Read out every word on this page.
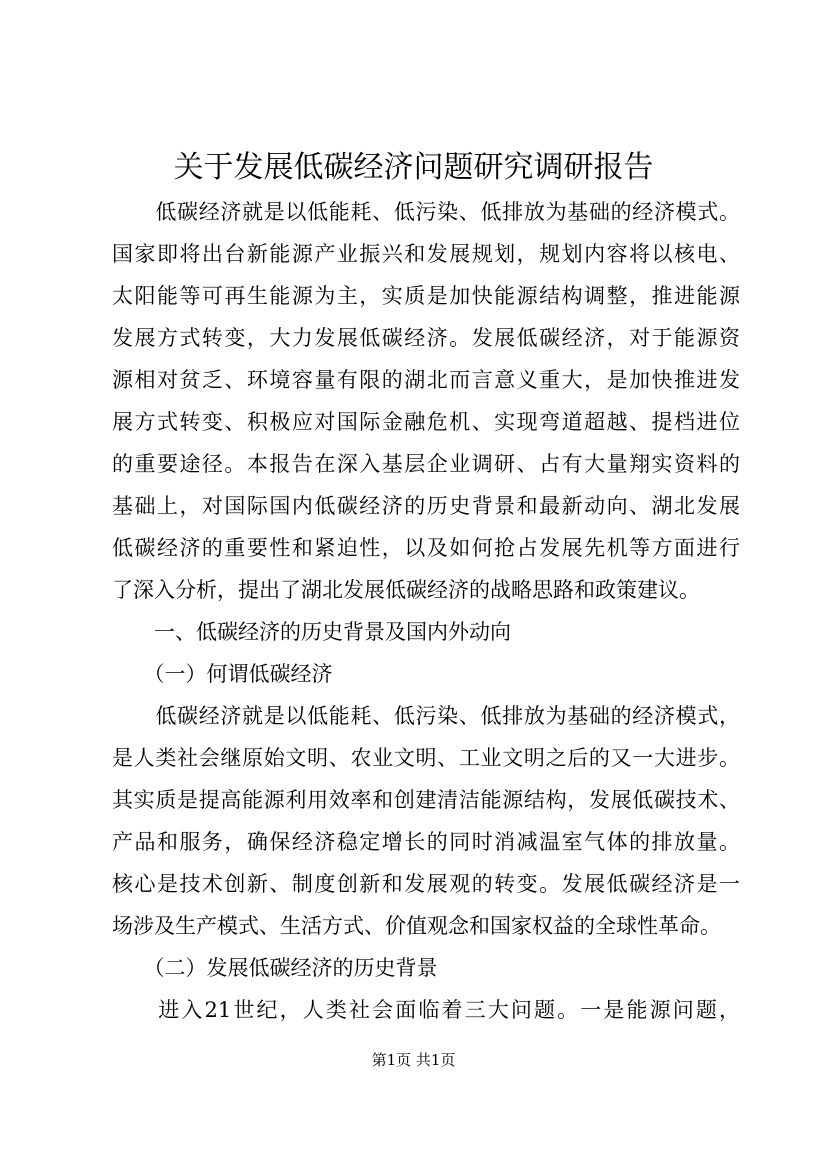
关于发展低碳经济问题研究调研报告
　　低碳经济就是以低能耗、低污染、低排放为基础的经济模式。
国家即将出台新能源产业振兴和发展规划，规划内容将以核电、
太阳能等可再生能源为主，实质是加快能源结构调整，推进能源
发展方式转变，大力发展低碳经济。发展低碳经济，对于能源资
源相对贫乏、环境容量有限的湖北而言意义重大，是加快推进发
展方式转变、积极应对国际金融危机、实现弯道超越、提档进位
的重要途径。本报告在深入基层企业调研、占有大量翔实资料的
基础上，对国际国内低碳经济的历史背景和最新动向、湖北发展
低碳经济的重要性和紧迫性，以及如何抢占发展先机等方面进行
了深入分析，提出了湖北发展低碳经济的战略思路和政策建议。
　　一、低碳经济的历史背景及国内外动向
　　（一）何谓低碳经济
　　低碳经济就是以低能耗、低污染、低排放为基础的经济模式，
是人类社会继原始文明、农业文明、工业文明之后的又一大进步。
其实质是提高能源利用效率和创建清洁能源结构，发展低碳技术、
产品和服务，确保经济稳定增长的同时消减温室气体的排放量。
核心是技术创新、制度创新和发展观的转变。发展低碳经济是一
场涉及生产模式、生活方式、价值观念和国家权益的全球性革命。
　　（二）发展低碳经济的历史背景
　　进入21世纪，人类社会面临着三大问题。一是能源问题，
第1页 共1页
